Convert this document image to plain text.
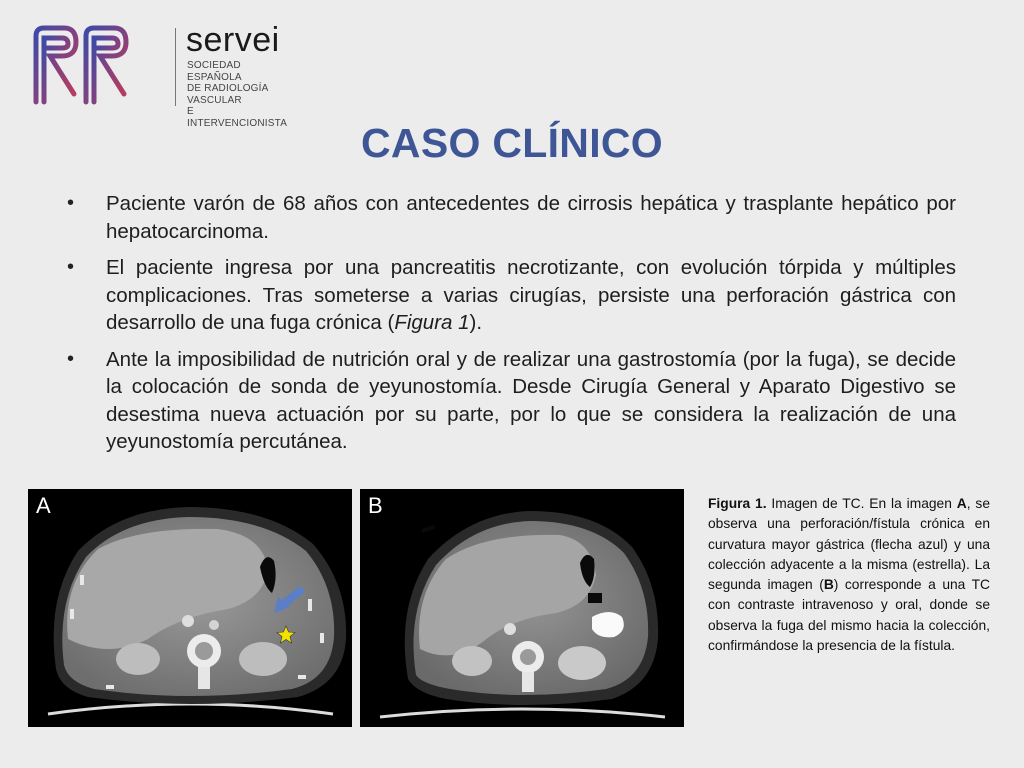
servei
SOCIEDAD ESPAÑOLA
DE RADIOLOGÍA
VASCULAR
E INTERVENCIONISTA	CASO CLÍNICO
• Paciente varón de 68 años con antecedentes de cirrosis hepática y trasplante hepático por hepatocarcinoma.
• El paciente ingresa por una pancreatitis necrotizante, con evolución tórpida y múltiples complicaciones. Tras someterse a varias cirugías, persiste una perforación gástrica con desarrollo de una fuga crónica (Figura 1).
• Ante la imposibilidad de nutrición oral y de realizar una gastrostomía (por la fuga), se decide la colocación de sonda de yeyunostomía. Desde Cirugía General y Aparato Digestivo se desestima nueva actuación por su parte, por lo que se considera la realización de una yeyunostomía percutánea.
A	B	Figura 1. Imagen de TC. En la imagen A, se observa una perforación/fístula crónica en curvatura mayor gástrica (flecha azul) y una colección adyacente a la misma (estrella). La segunda imagen (B) corresponde a una TC con contraste intravenoso y oral, donde se observa la fuga del mismo hacia la colección, confirmándose la presencia de la fístula.
